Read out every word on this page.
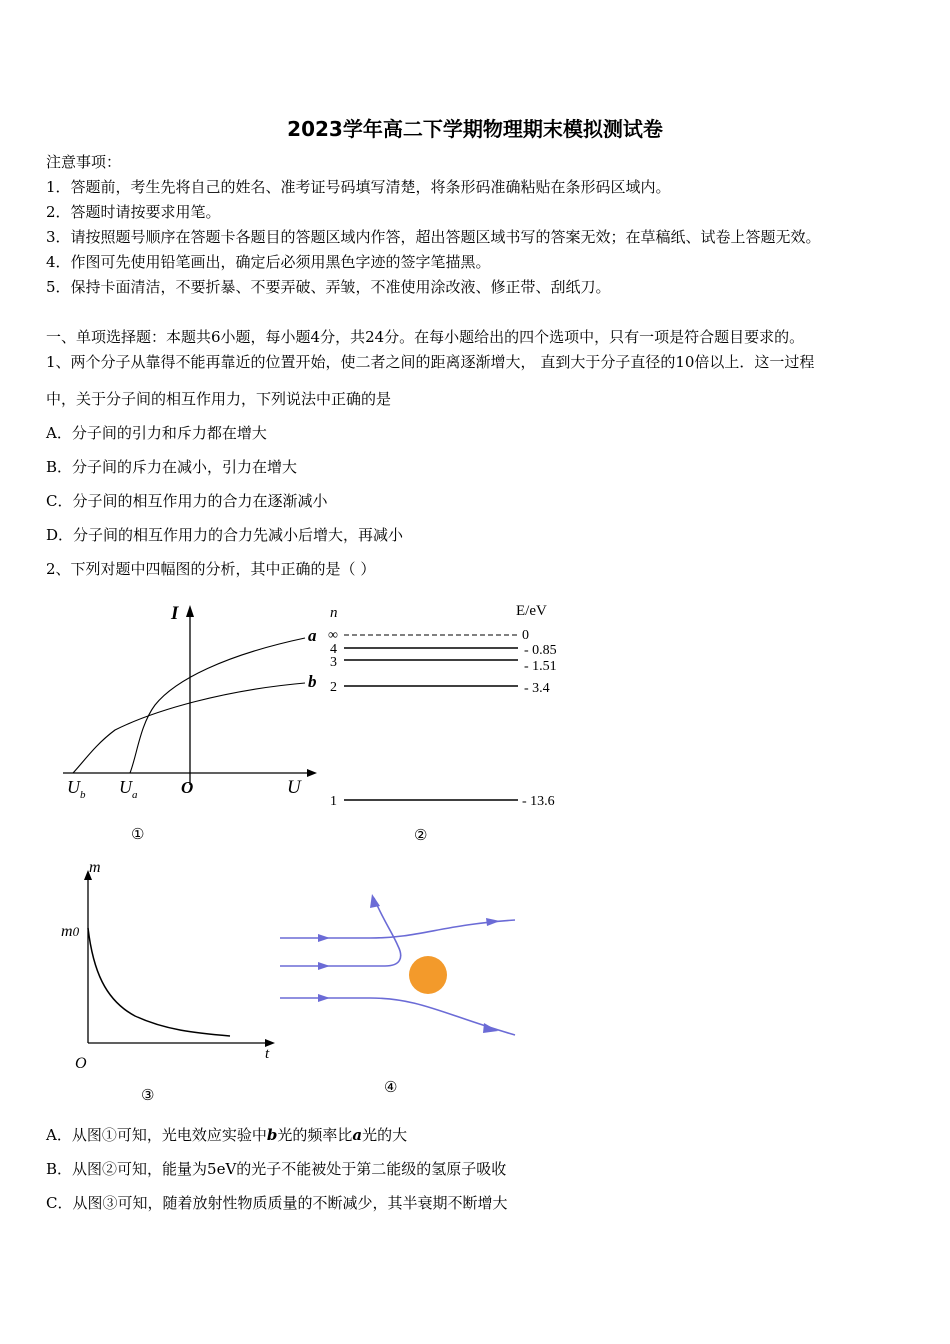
2023学年高二下学期物理期末模拟测试卷
注意事项：
1．答题前，考生先将自己的姓名、准考证号码填写清楚，将条形码准确粘贴在条形码区域内。
2．答题时请按要求用笔。
3．请按照题号顺序在答题卡各题目的答题区域内作答，超出答题区域书写的答案无效；在草稿纸、试卷上答题无效。
4．作图可先使用铅笔画出，确定后必须用黑色字迹的签字笔描黑。
5．保持卡面清洁，不要折暴、不要弄破、弄皱，不准使用涂改液、修正带、刮纸刀。
一、单项选择题：本题共6小题，每小题4分，共24分。在每小题给出的四个选项中，只有一项是符合题目要求的。
1、两个分子从靠得不能再靠近的位置开始，使二者之间的距离逐渐增大， 直到大于分子直径的10倍以上．这一过程
中，关于分子间的相互作用力，下列说法中正确的是
A．分子间的引力和斥力都在增大
B．分子间的斥力在减小，引力在增大
C．分子间的相互作用力的合力在逐渐减小
D．分子间的相互作用力的合力先减小后增大，再减小
2、下列对题中四幅图的分析，其中正确的是（ ）
I
U
O
a
b
$U_b$ $U_a$
①
n	E/eV
∞
4
3
2
1
0
- 0.85
- 1.51
- 3.4
- 13.6
②
m
m0
O
t
③	④
A．从图①可知，光电效应实验中b光的频率比a光的大
B．从图②可知，能量为5eV的光子不能被处于第二能级的氢原子吸收
C．从图③可知，随着放射性物质质量的不断减少，其半衰期不断增大
